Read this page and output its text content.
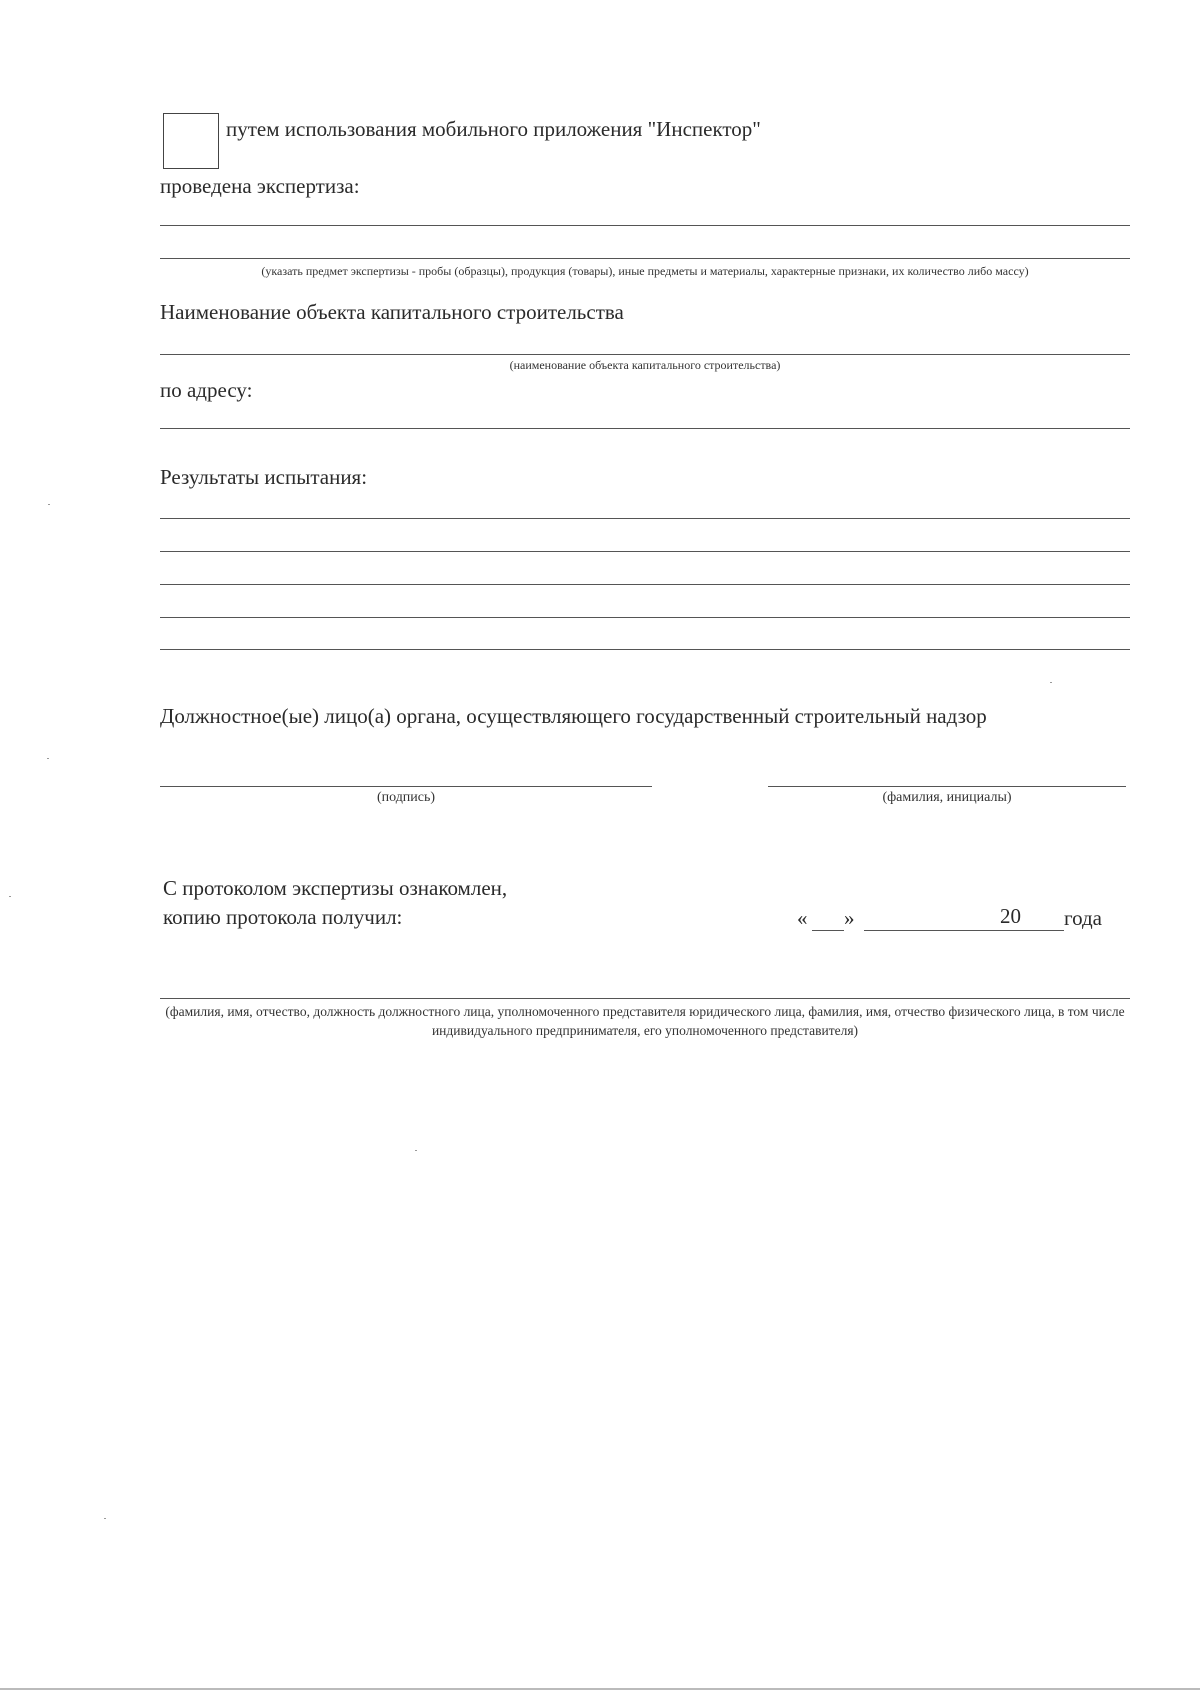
путем использования мобильного приложения "Инспектор"
проведена экспертиза:
(указать предмет экспертизы - пробы (образцы), продукция (товары), иные предметы и материалы, характерные признаки, их количество либо массу)
Наименование объекта капитального строительства
(наименование объекта капитального строительства)
по адресу:
Результаты испытания:
Должностное(ые) лицо(а) органа, осуществляющего государственный строительный надзор
(подпись)	(фамилия, инициалы)
С протоколом экспертизы ознакомлен,
копию протокола получил:	« »	20 года
(фамилия, имя, отчество, должность должностного лица, уполномоченного представителя юридического лица, фамилия, имя, отчество физического лица, в том числе индивидуального предпринимателя, его уполномоченного представителя)
